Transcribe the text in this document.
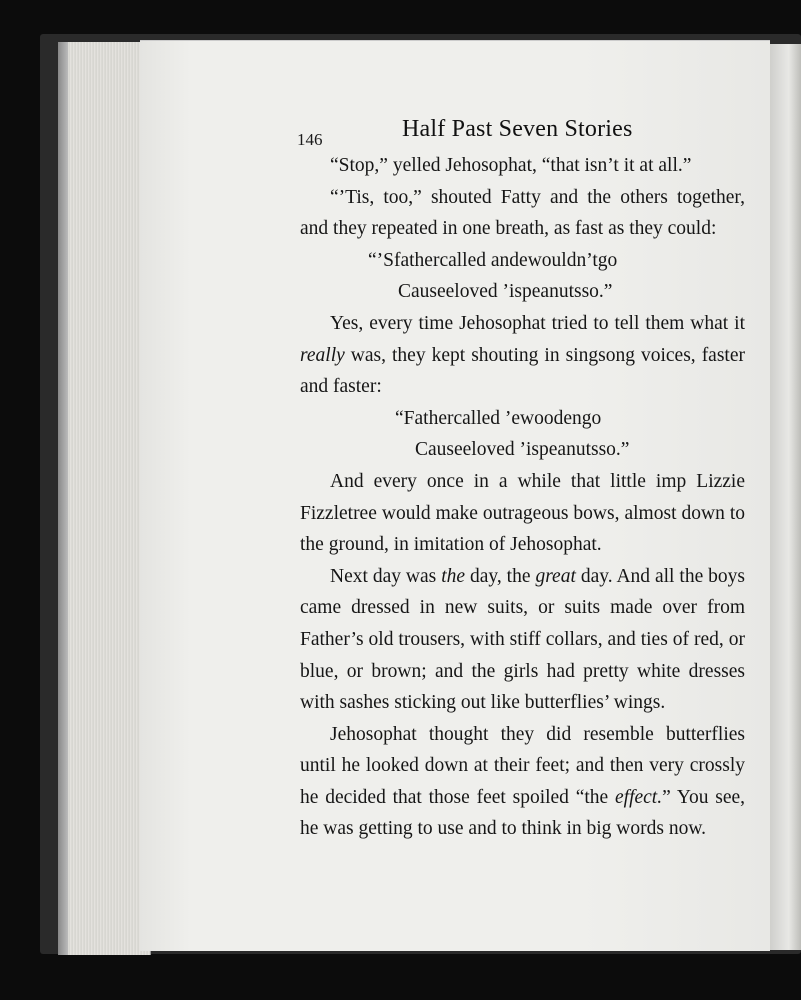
146	Half Past Seven Stories

“Stop,” yelled Jehosophat, “that isn’t it at all.”

“’Tis, too,” shouted Fatty and the others together, and they repeated in one breath, as fast as they could:

“’Sfathercalled andewouldn’tgo

Causeeloved ’ispeanutsso.”

Yes, every time Jehosophat tried to tell them what it really was, they kept shouting in singsong voices, faster and faster:

“Fathercalled ’ewoodengo

Causeeloved ’ispeanutsso.”

And every once in a while that little imp Lizzie Fizzletree would make outrageous bows, almost down to the ground, in imitation of Jehosophat.

Next day was the day, the great day. And all the boys came dressed in new suits, or suits made over from Father’s old trousers, with stiff collars, and ties of red, or blue, or brown; and the girls had pretty white dresses with sashes sticking out like butterflies’ wings.

Jehosophat thought they did resemble butterflies until he looked down at their feet; and then very crossly he decided that those feet spoiled “the effect.” You see, he was getting to use and to think in big words now.
